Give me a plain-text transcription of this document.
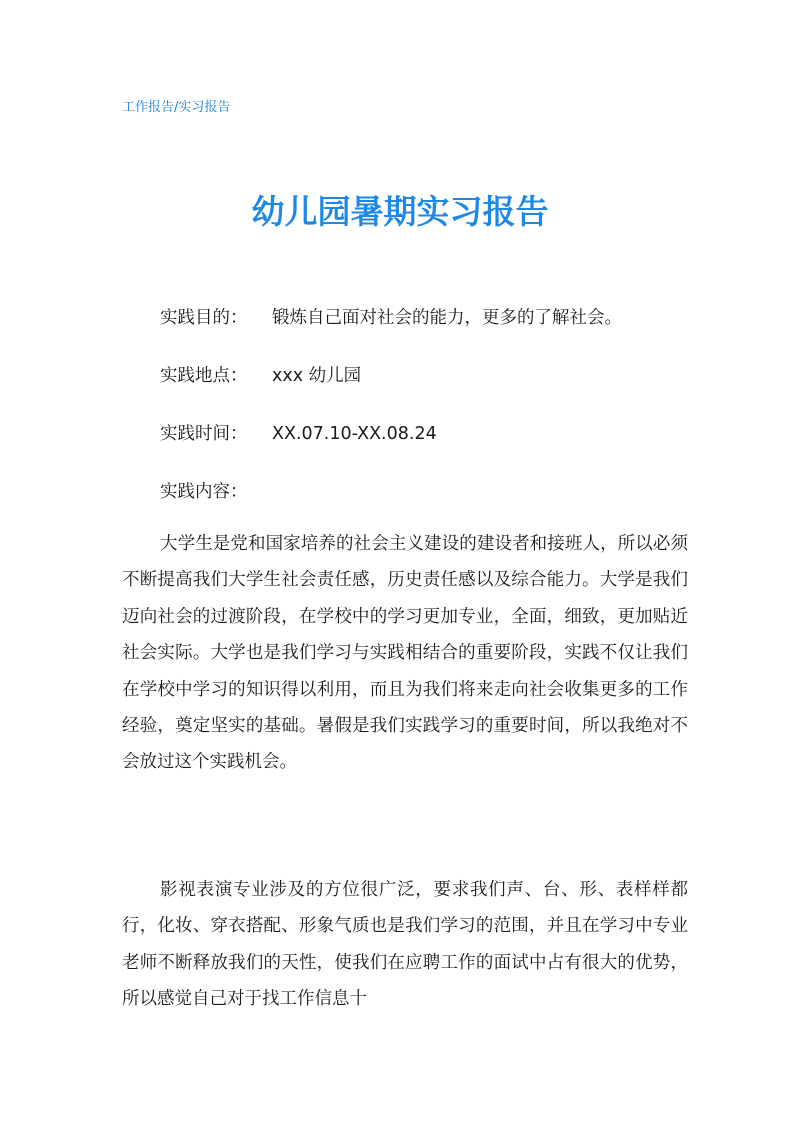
工作报告/实习报告
幼儿园暑期实习报告
实践目的： 锻炼自己面对社会的能力，更多的了解社会。
实践地点： xxx 幼儿园
实践时间： XX.07.10-XX.08.24
实践内容：

大学生是党和国家培养的社会主义建设的建设者和接班人，所以必须不断提高我们大学生社会责任感，历史责任感以及综合能力。大学是我们迈向社会的过渡阶段，在学校中的学习更加专业，全面，细致，更加贴近社会实际。大学也是我们学习与实践相结合的重要阶段，实践不仅让我们在学校中学习的知识得以利用，而且为我们将来走向社会收集更多的工作经验，奠定坚实的基础。暑假是我们实践学习的重要时间，所以我绝对不会放过这个实践机会。

影视表演专业涉及的方位很广泛，要求我们声、台、形、表样样都行，化妆、穿衣搭配、形象气质也是我们学习的范围，并且在学习中专业老师不断释放我们的天性，使我们在应聘工作的面试中占有很大的优势，所以感觉自己对于找工作信息十
